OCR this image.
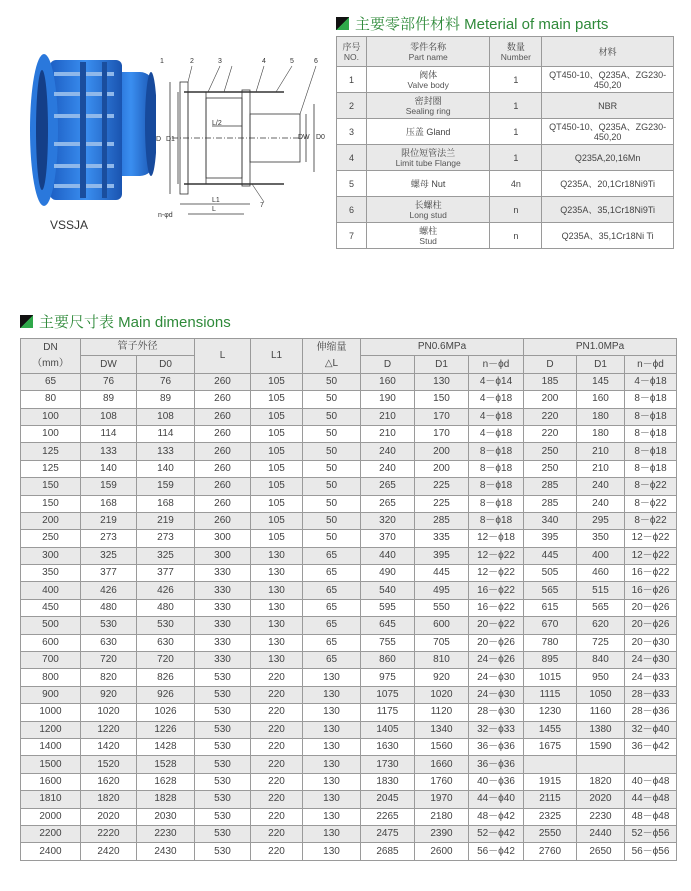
VSSJA
1	2	3	4	5	6
7
D D1
L/2
L
L1
DW D0
n-φd
主要零部件材料 Meterial of main parts
序号
NO.	零件名称
Part name	数量
Number	材料
1	阀体
Valve body	1	QT450-10、Q235A、ZG230-450,20
2	密封圈
Sealing ring	1	NBR
3	压盖 Gland	1	QT450-10、Q235A、ZG230-450,20
4	限位短管法兰
Limit tube Flange	1	Q235A,20,16Mn
5	螺母 Nut	4n	Q235A、20,1Cr18Ni9Ti
6	长螺柱
Long stud	n	Q235A、35,1Cr18Ni9Ti
7	螺柱
Stud	n	Q235A、35,1Cr18Ni Ti
主要尺寸表 Main dimensions
DN
（mm）	管子外径		L	L1	伸缩量
△L	PN0.6MPa			PN1.0MPa		
	DW	D0				D	D1	n－ϕd	D	D1	n－ϕd
65	76	76	260	105	50	160	130	4－ϕ14	185	145	4－ϕ18
80	89	89	260	105	50	190	150	4－ϕ18	200	160	8－ϕ18
100	108	108	260	105	50	210	170	4－ϕ18	220	180	8－ϕ18
100	114	114	260	105	50	210	170	4－ϕ18	220	180	8－ϕ18
125	133	133	260	105	50	240	200	8－ϕ18	250	210	8－ϕ18
125	140	140	260	105	50	240	200	8－ϕ18	250	210	8－ϕ18
150	159	159	260	105	50	265	225	8－ϕ18	285	240	8－ϕ22
150	168	168	260	105	50	265	225	8－ϕ18	285	240	8－ϕ22
200	219	219	260	105	50	320	285	8－ϕ18	340	295	8－ϕ22
250	273	273	300	105	50	370	335	12－ϕ18	395	350	12－ϕ22
300	325	325	300	130	65	440	395	12－ϕ22	445	400	12－ϕ22
350	377	377	330	130	65	490	445	12－ϕ22	505	460	16－ϕ22
400	426	426	330	130	65	540	495	16－ϕ22	565	515	16－ϕ26
450	480	480	330	130	65	595	550	16－ϕ22	615	565	20－ϕ26
500	530	530	330	130	65	645	600	20－ϕ22	670	620	20－ϕ26
600	630	630	330	130	65	755	705	20－ϕ26	780	725	20－ϕ30
700	720	720	330	130	65	860	810	24－ϕ26	895	840	24－ϕ30
800	820	826	530	220	130	975	920	24－ϕ30	1015	950	24－ϕ33
900	920	926	530	220	130	1075	1020	24－ϕ30	1115	1050	28－ϕ33
1000	1020	1026	530	220	130	1175	1120	28－ϕ30	1230	1160	28－ϕ36
1200	1220	1226	530	220	130	1405	1340	32－ϕ33	1455	1380	32－ϕ40
1400	1420	1428	530	220	130	1630	1560	36－ϕ36	1675	1590	36－ϕ42
1500	1520	1528	530	220	130	1730	1660	36－ϕ36			
1600	1620	1628	530	220	130	1830	1760	40－ϕ36	1915	1820	40－ϕ48
1810	1820	1828	530	220	130	2045	1970	44－ϕ40	2115	2020	44－ϕ48
2000	2020	2030	530	220	130	2265	2180	48－ϕ42	2325	2230	48－ϕ48
2200	2220	2230	530	220	130	2475	2390	52－ϕ42	2550	2440	52－ϕ56
2400	2420	2430	530	220	130	2685	2600	56－ϕ42	2760	2650	56－ϕ56
